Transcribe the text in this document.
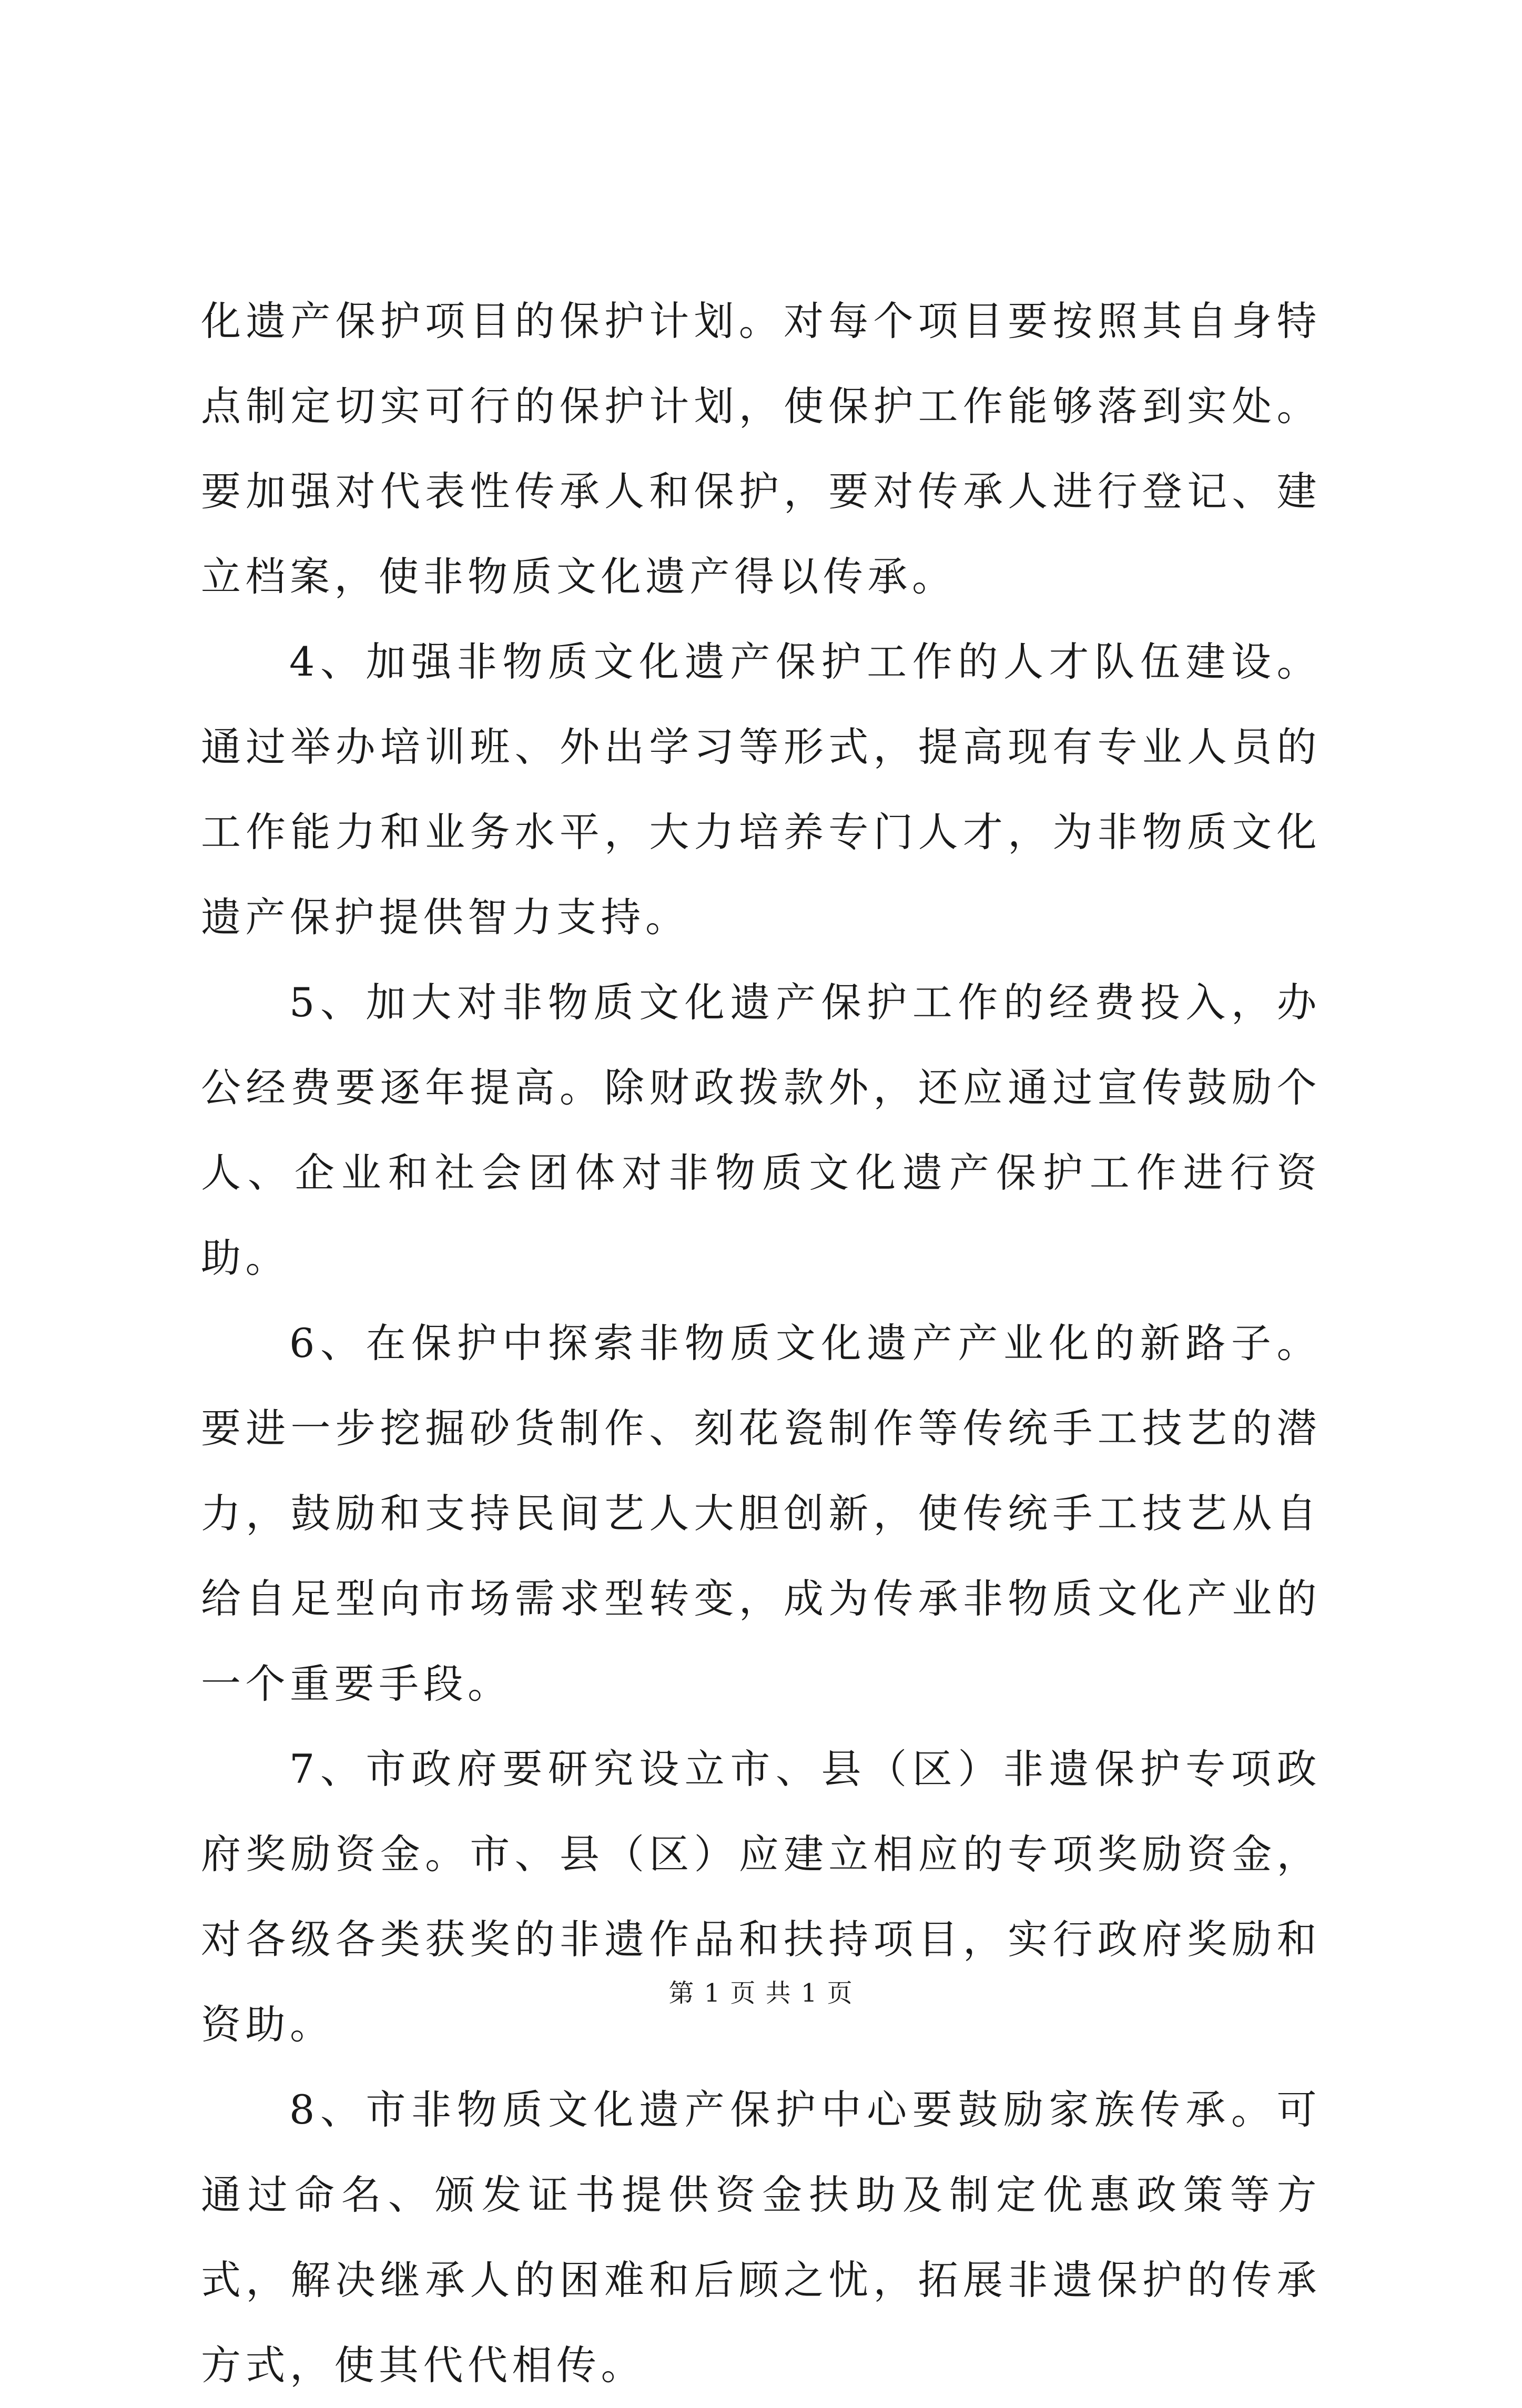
化遗产保护项目的保护计划。对每个项目要按照其自身特点制定切实可行的保护计划，使保护工作能够落到实处。要加强对代表性传承人和保护，要对传承人进行登记、建立档案，使非物质文化遗产得以传承。

4、加强非物质文化遗产保护工作的人才队伍建设。通过举办培训班、外出学习等形式，提高现有专业人员的工作能力和业务水平，大力培养专门人才，为非物质文化遗产保护提供智力支持。

5、加大对非物质文化遗产保护工作的经费投入，办公经费要逐年提高。除财政拨款外，还应通过宣传鼓励个人、企业和社会团体对非物质文化遗产保护工作进行资助。

6、在保护中探索非物质文化遗产产业化的新路子。要进一步挖掘砂货制作、刻花瓷制作等传统手工技艺的潜力，鼓励和支持民间艺人大胆创新，使传统手工技艺从自给自足型向市场需求型转变，成为传承非物质文化产业的一个重要手段。

7、市政府要研究设立市、县（区）非遗保护专项政府奖励资金。市、县（区）应建立相应的专项奖励资金，对各级各类获奖的非遗作品和扶持项目，实行政府奖励和资助。

8、市非物质文化遗产保护中心要鼓励家族传承。可通过命名、颁发证书提供资金扶助及制定优惠政策等方式，解决继承人的困难和后顾之忧，拓展非遗保护的传承方式，使其代代相传。

第 1 页 共 1 页
